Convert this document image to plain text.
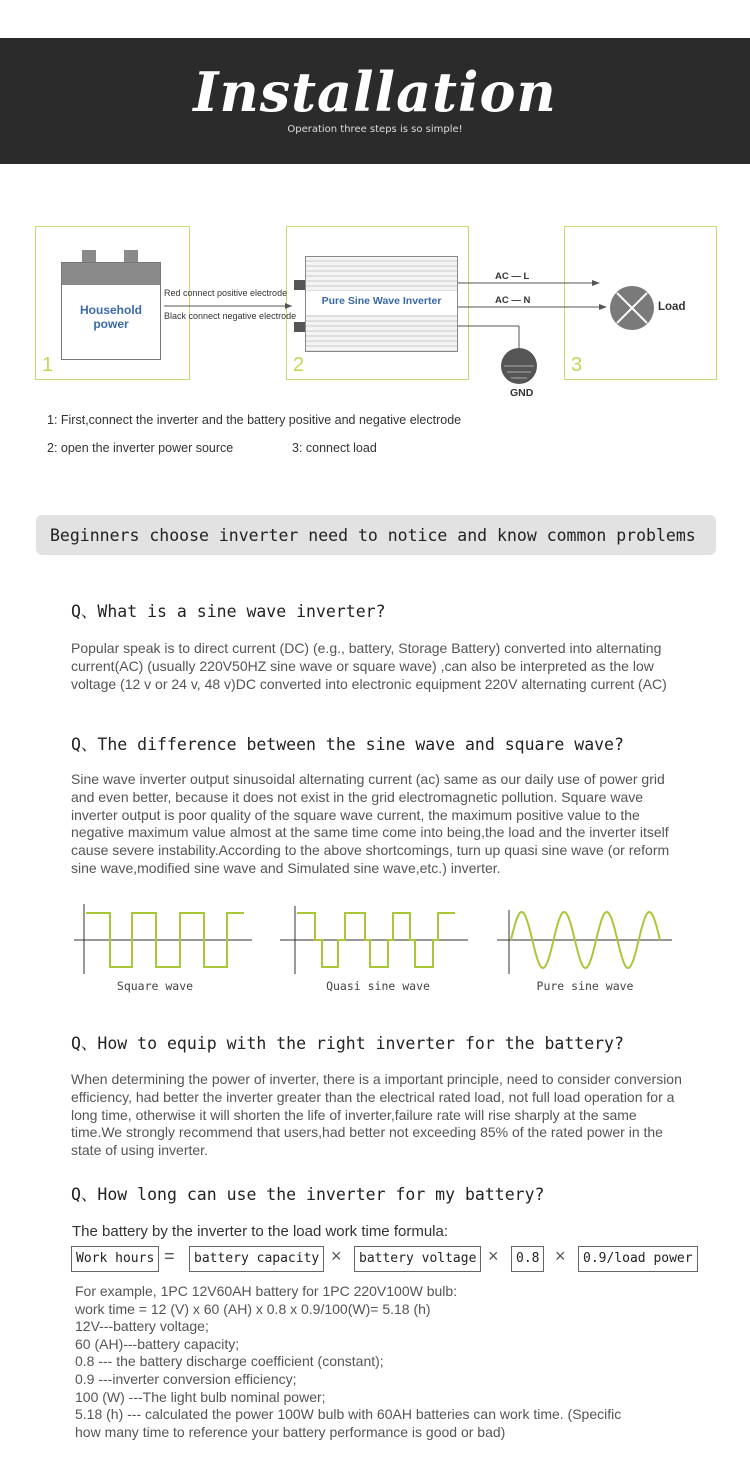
Installation
Operation three steps is so simple!
1	2	3
Household
power
Red connect positive electrode
Black connect negative electrode
Pure Sine Wave Inverter
AC — L
AC — N
Load
GND
1: First,connect the inverter and the battery positive and negative electrode
2: open the inverter power source	3: connect load
Beginners choose inverter need to notice and know common problems
Q、What is a sine wave inverter?
Popular speak is to direct current (DC) (e.g., battery, Storage Battery) converted into alternating current(AC) (usually 220V50HZ sine wave or square wave) ,can also be interpreted as the low voltage (12 v or 24 v, 48 v)DC converted into electronic equipment 220V alternating current (AC)
Q、The difference between the sine wave and square wave?
Sine wave inverter output sinusoidal alternating current (ac) same as our daily use of power grid and even better, because it does not exist in the grid electromagnetic pollution. Square wave inverter output is poor quality of the square wave current, the maximum positive value to the negative maximum value almost at the same time come into being,the load and the inverter itself cause severe instability.According to the above shortcomings, turn up quasi sine wave (or reform sine wave,modified sine wave and Simulated sine wave,etc.) inverter.
Square wave	Quasi sine wave	Pure sine wave
Q、How to equip with the right inverter for the battery?
When determining the power of inverter, there is a important principle, need to consider conversion efficiency, had better the inverter greater than the electrical rated load, not full load operation for a long time, otherwise it will shorten the life of inverter,failure rate will rise sharply at the same time.We strongly recommend that users,had better not exceeding 85% of the rated power in the state of using inverter.
Q、How long can use the inverter for my battery?
The battery by the inverter to the load work time formula:
Work hours =	battery capacity ×	battery voltage ×	0.8 ×	0.9/load power
For example, 1PC 12V60AH battery for 1PC 220V100W bulb:
work time = 12 (V) x 60 (AH) x 0.8 x 0.9/100(W)= 5.18 (h)
12V---battery voltage;
60 (AH)---battery capacity;
0.8 --- the battery discharge coefficient (constant);
0.9 ---inverter conversion efficiency;
100 (W) ---The light bulb nominal power;
5.18 (h) --- calculated the power 100W bulb with 60AH batteries can work time. (Specific
how many time to reference your battery performance is good or bad)
